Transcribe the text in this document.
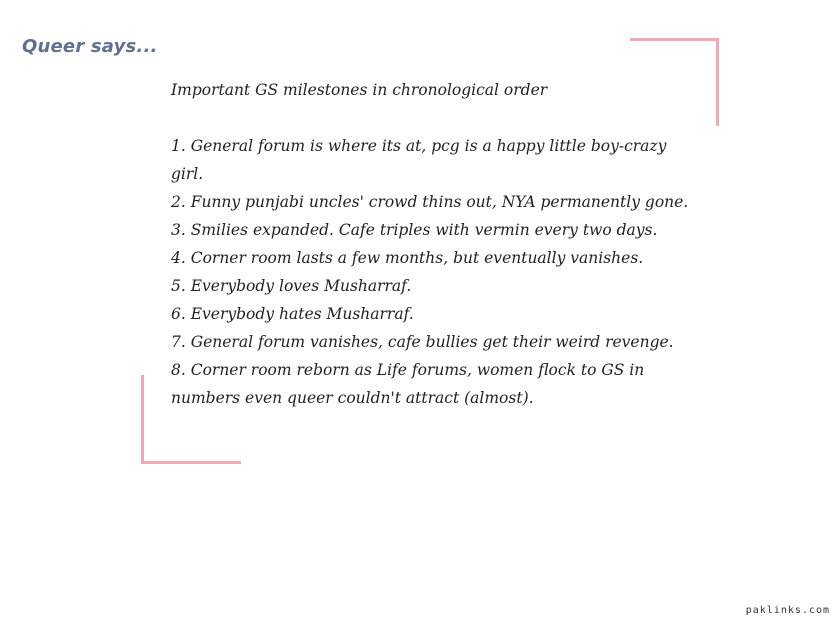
Queer says...
Important GS milestones in chronological order
1. General forum is where its at, pcg is a happy little boy-crazy girl.
2. Funny punjabi uncles' crowd thins out, NYA permanently gone.
3. Smilies expanded. Cafe triples with vermin every two days.
4. Corner room lasts a few months, but eventually vanishes.
5. Everybody loves Musharraf.
6. Everybody hates Musharraf.
7. General forum vanishes, cafe bullies get their weird revenge.
8. Corner room reborn as Life forums, women flock to GS in numbers even queer couldn't attract (almost).
paklinks.com
